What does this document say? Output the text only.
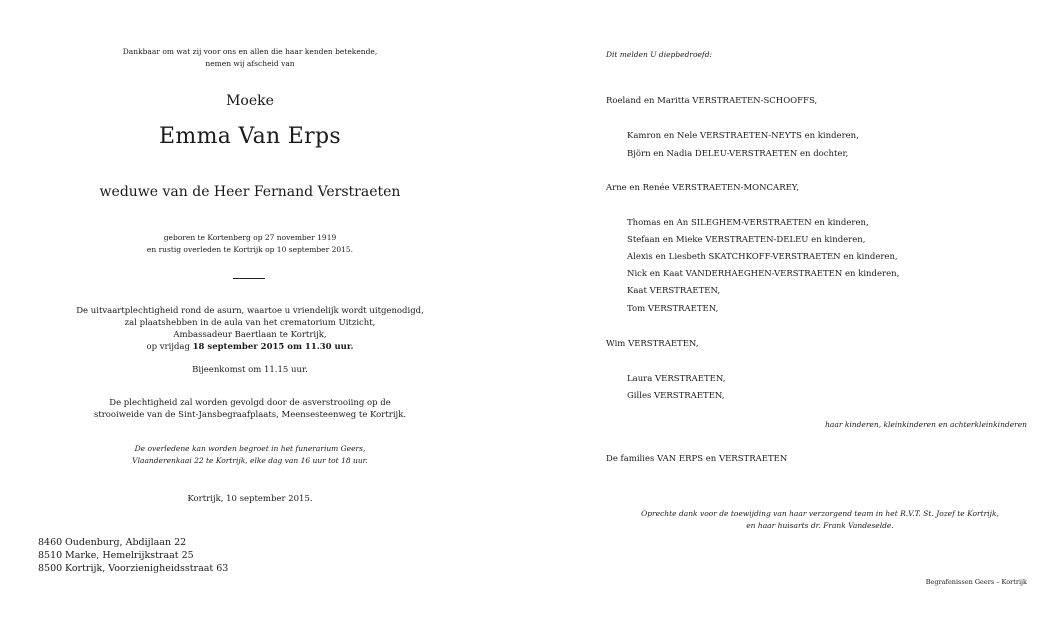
Dankbaar om wat zij voor ons en allen die haar kenden betekende,
nemen wij afscheid van
Moeke
Emma Van Erps
weduwe van de Heer Fernand Verstraeten
geboren te Kortenberg op 27 november 1919
en rustig overleden te Kortrijk op 10 september 2015.
De uitvaartplechtigheid rond de asurn, waartoe u vriendelijk wordt uitgenodigd,
zal plaatshebben in de aula van het crematorium Uitzicht,
Ambassadeur Baertlaan te Kortrijk,
op vrijdag 18 september 2015 om 11.30 uur.
Bijeenkomst om 11.15 uur.
De plechtigheid zal worden gevolgd door de asverstrooiing op de
strooiweide van de Sint-Jansbegraafplaats, Meensesteenweg te Kortrijk.
De overledene kan worden begroet in het funerarium Geers,
Vlaanderenkaai 22 te Kortrijk, elke dag van 16 uur tot 18 uur.
Kortrijk, 10 september 2015.
8460 Oudenburg, Abdijlaan 22
8510 Marke, Hemelrijkstraat 25
8500 Kortrijk, Voorzienigheidsstraat 63
Dit melden U diepbedroefd:
Roeland en Maritta VERSTRAETEN-SCHOOFFS,
Kamron en Nele VERSTRAETEN-NEYTS en kinderen,
Björn en Nadia DELEU-VERSTRAETEN en dochter,
Arne en Renée VERSTRAETEN-MONCAREY,
Thomas en An SILEGHEM-VERSTRAETEN en kinderen,
Stefaan en Mieke VERSTRAETEN-DELEU en kinderen,
Alexis en Liesbeth SKATCHKOFF-VERSTRAETEN en kinderen,
Nick en Kaat VANDERHAEGHEN-VERSTRAETEN en kinderen,
Kaat VERSTRAETEN,
Tom VERSTRAETEN,
Wim VERSTRAETEN,
Laura VERSTRAETEN,
Gilles VERSTRAETEN,
haar kinderen, kleinkinderen en achterkleinkinderen
De families VAN ERPS en VERSTRAETEN
Oprechte dank voor de toewijding van haar verzorgend team in het R.V.T. St. Jozef te Kortrijk,
en haar huisarts dr. Frank Vandeselde.
Begrafenissen Geers – Kortrijk
